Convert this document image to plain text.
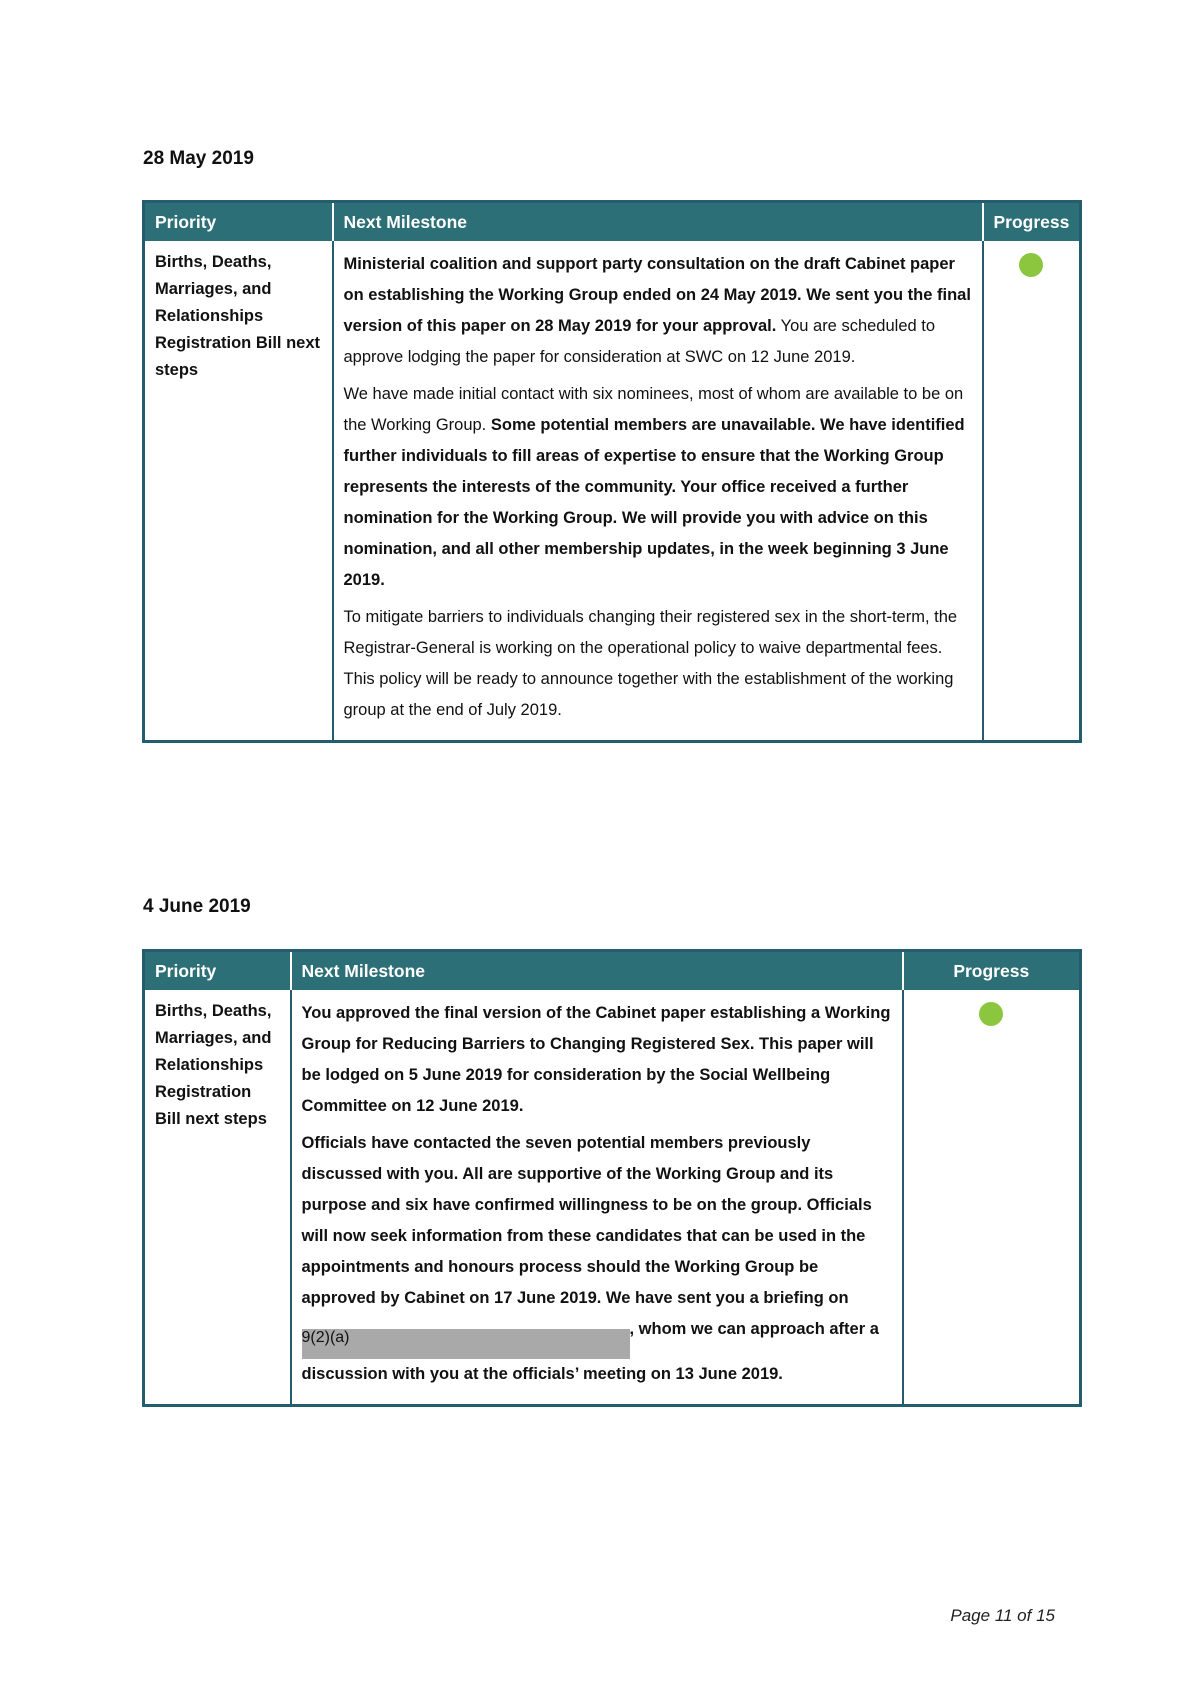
28 May 2019
Priority	Next Milestone	Progress
Births, Deaths, Marriages, and Relationships Registration Bill next steps	Ministerial coalition and support party consultation on the draft Cabinet paper on establishing the Working Group ended on 24 May 2019. We sent you the final version of this paper on 28 May 2019 for your approval. You are scheduled to approve lodging the paper for consideration at SWC on 12 June 2019.

We have made initial contact with six nominees, most of whom are available to be on the Working Group. Some potential members are unavailable. We have identified further individuals to fill areas of expertise to ensure that the Working Group represents the interests of the community. Your office received a further nomination for the Working Group. We will provide you with advice on this nomination, and all other membership updates, in the week beginning 3 June 2019.

To mitigate barriers to individuals changing their registered sex in the short-term, the Registrar-General is working on the operational policy to waive departmental fees. This policy will be ready to announce together with the establishment of the working group at the end of July 2019.	

4 June 2019
Priority	Next Milestone	Progress
Births, Deaths, Marriages, and Relationships Registration Bill next steps	You approved the final version of the Cabinet paper establishing a Working Group for Reducing Barriers to Changing Registered Sex. This paper will be lodged on 5 June 2019 for consideration by the Social Wellbeing Committee on 12 June 2019.

Officials have contacted the seven potential members previously discussed with you. All are supportive of the Working Group and its purpose and six have confirmed willingness to be on the group. Officials will now seek information from these candidates that can be used in the appointments and honours process should the Working Group be approved by Cabinet on 17 June 2019. We have sent you a briefing on 9(2)(a) , whom we can approach after a discussion with you at the officials’ meeting on 13 June 2019.	

Page 11 of 15
